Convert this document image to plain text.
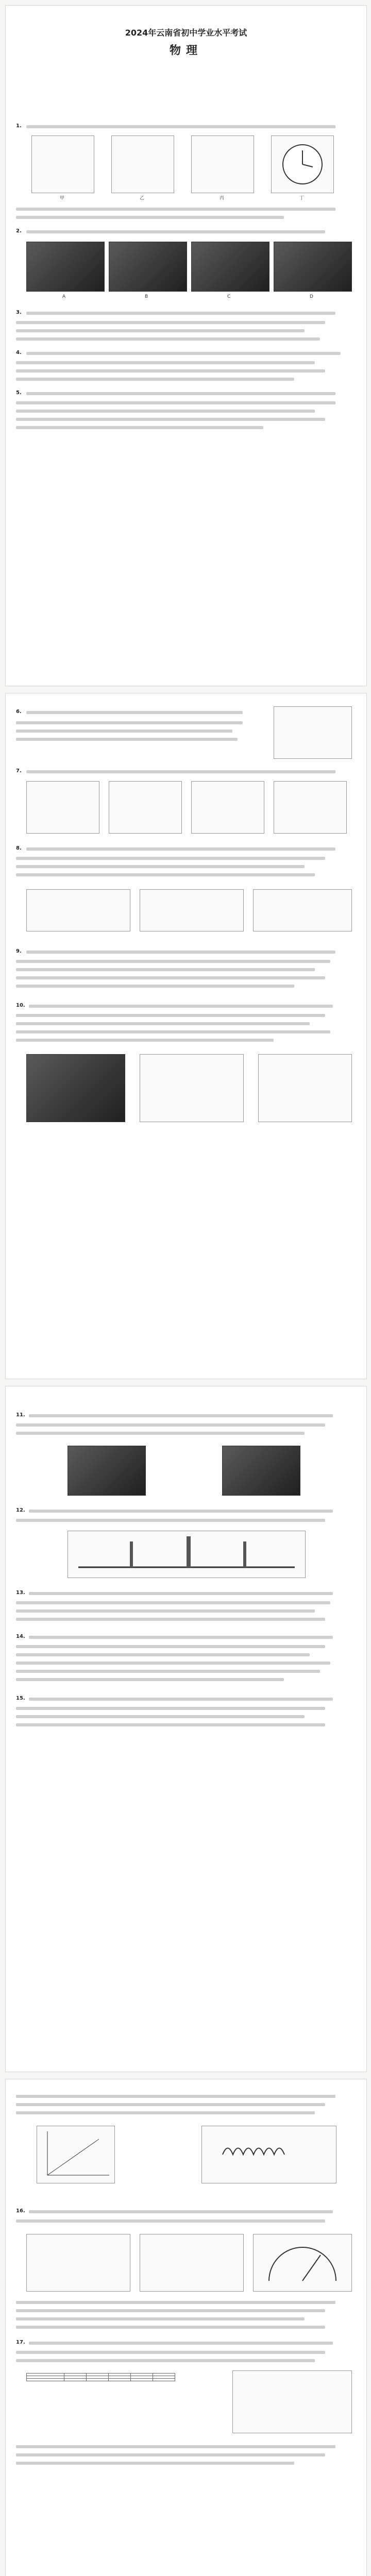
2024年云南省初中学业水平考试
物理
1.
甲	乙	丙	丁
2.
A	B	C	D
3.
4.
5.
6.
7.
8.
9.
10.
11.
12.
13.
14.
15.
16.
17.
